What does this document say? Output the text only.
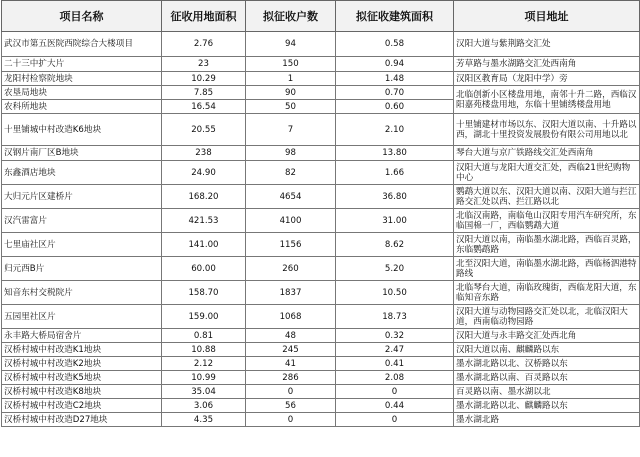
项目名称	征收用地面积	拟征收户数	拟征收建筑面积	项目地址
武汉市第五医院西院综合大楼项目	2.76	94	0.58	汉阳大道与紫荆路交汇处
二十三中扩大片	23	150	0.94	芳草路与墨水湖路交汇处西南角
龙阳村检察院地块	10.29	1	1.48	汉阳区教育局（龙阳中学）旁
农垦局地块	7.85	90	0.70	北临创新小区楼盘用地，南邻十升二路，西临汉阳嘉苑楼盘用地，东临十里铺绣楼盘用地
农科所地块	16.54	50	0.60	
十里铺城中村改造K6地块	20.55	7	2.10	十里铺建材市场以东、汉阳大道以南、十升路以西，湖北十里投资发展股份有限公司用地以北
汉钢片南厂区B地块	238	98	13.80	琴台大道与京广铁路线交汇处西南角
东鑫酒店地块	24.90	82	1.66	汉阳大道与龙阳大道交汇处，西临21世纪购物中心
大归元片区建桥片	168.20	4654	36.80	鹦鹉大道以东、汉阳大道以南、汉阳大道与拦江路交汇处以西、拦江路以北
汉汽雷富片	421.53	4100	31.00	北临汉南路，南临龟山汉阳专用汽车研究所，东临国棉一厂，西临鹦鹉大道
七里庙社区片	141.00	1156	8.62	汉阳大道以南，南临墨水湖北路，西临百灵路，东临鹦鹉路
归元西B片	60.00	260	5.20	北至汉阳大道，南临墨水湖北路，西临杨泗港特路线
知音东村交税院片	158.70	1837	10.50	北临琴台大道，南临玫瑰街，西临龙阳大道，东临知音东路
五园里社区片	159.00	1068	18.73	汉阳大道与动物园路交汇处以北，北临汉阳大道，西南临动物园路
永丰路大桥局宿舍片	0.81	48	0.32	汉阳大道与永丰路交汇处西北角
汉桥村城中村改造K1地块	10.88	245	2.47	汉阳大道以南、麒麟路以东
汉桥村城中村改造K2地块	2.12	41	0.41	墨水湖北路以北、汉桥路以东
汉桥村城中村改造K5地块	10.99	286	2.08	墨水湖北路以南、百灵路以东
汉桥村城中村改造K8地块	35.04	0	0	百灵路以南、墨水湖以北
汉桥村城中村改造C2地块	3.06	56	0.44	墨水湖北路以北、麒麟路以东
汉桥村城中村改造D27地块	4.35	0	0	墨水湖北路
